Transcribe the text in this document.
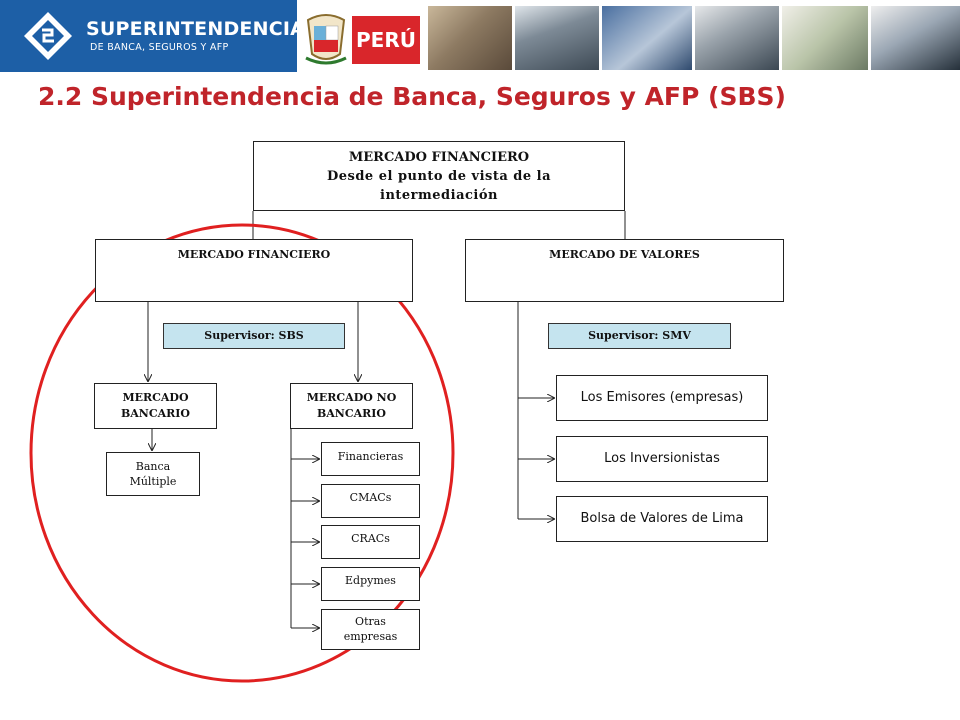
SUPERINTENDENCIA
DE BANCA, SEGUROS Y AFP	PERÚ
2.2 Superintendencia de Banca, Seguros y AFP (SBS)
MERCADO FINANCIERO
Desde el punto de vista de la
intermediación
MERCADO FINANCIERO	MERCADO DE VALORES
Supervisor: SBS	Supervisor: SMV
MERCADO
BANCARIO
MERCADO NO
BANCARIO
Banca
Múltiple
Financieras
CMACs
CRACs
Edpymes
Otras
empresas
Los Emisores (empresas)
Los Inversionistas
Bolsa de Valores de Lima
